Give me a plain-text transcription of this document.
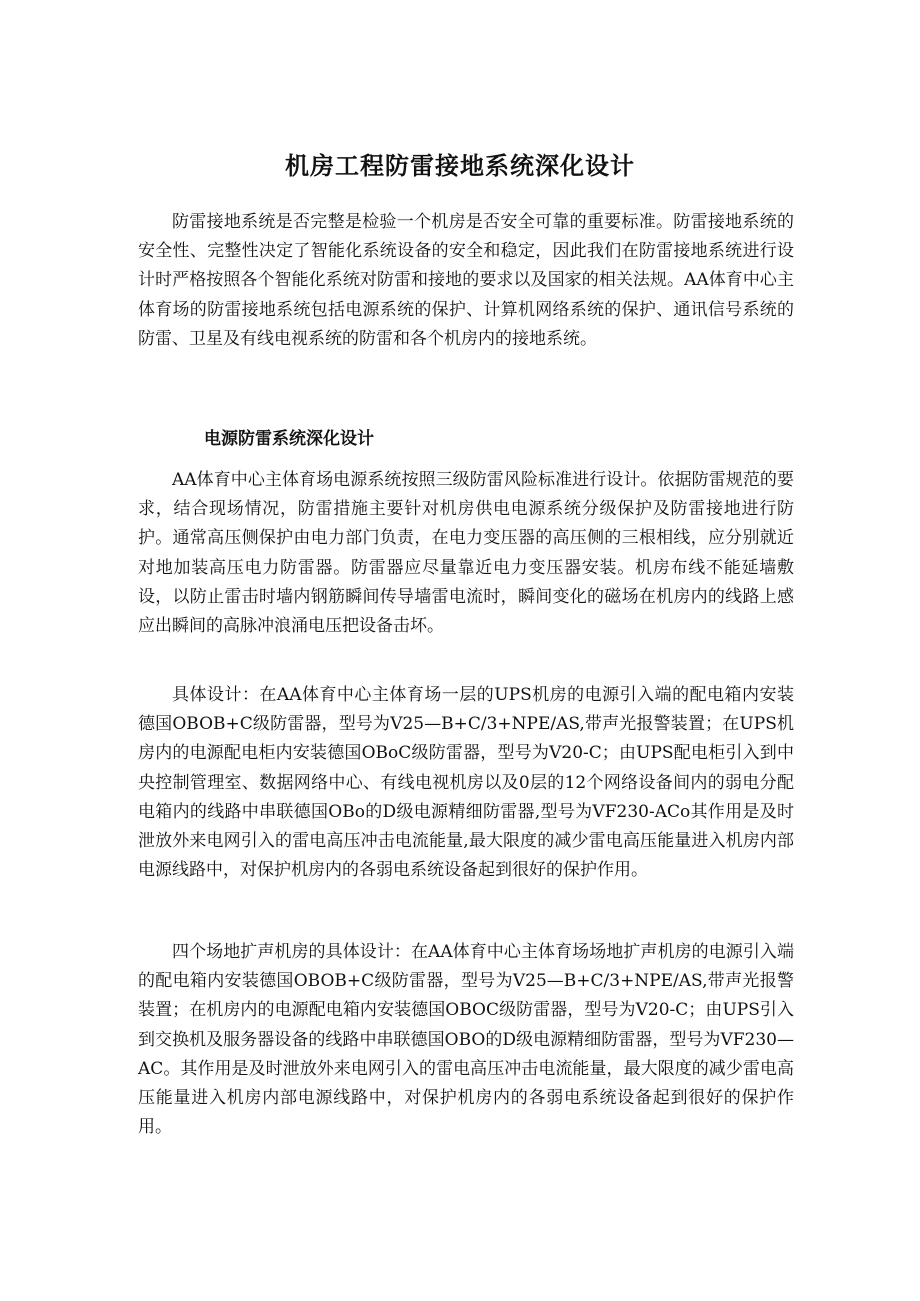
机房工程防雷接地系统深化设计

防雷接地系统是否完整是检验一个机房是否安全可靠的重要标准。防雷接地系统的安全性、完整性决定了智能化系统设备的安全和稳定，因此我们在防雷接地系统进行设计时严格按照各个智能化系统对防雷和接地的要求以及国家的相关法规。AA体育中心主体育场的防雷接地系统包括电源系统的保护、计算机网络系统的保护、通讯信号系统的防雷、卫星及有线电视系统的防雷和各个机房内的接地系统。

电源防雷系统深化设计

AA体育中心主体育场电源系统按照三级防雷风险标准进行设计。依据防雷规范的要求，结合现场情况，防雷措施主要针对机房供电电源系统分级保护及防雷接地进行防护。通常高压侧保护由电力部门负责，在电力变压器的高压侧的三根相线，应分别就近对地加装高压电力防雷器。防雷器应尽量靠近电力变压器安装。机房布线不能延墙敷设，以防止雷击时墙内钢筋瞬间传导墙雷电流时，瞬间变化的磁场在机房内的线路上感应出瞬间的高脉冲浪涌电压把设备击坏。

具体设计：在AA体育中心主体育场一层的UPS机房的电源引入端的配电箱内安装德国OBOB+C级防雷器，型号为V25—B+C/3+NPE/AS,带声光报警装置；在UPS机房内的电源配电柜内安装德国OBoC级防雷器，型号为V20-C；由UPS配电柜引入到中央控制管理室、数据网络中心、有线电视机房以及0层的12个网络设备间内的弱电分配电箱内的线路中串联德国OBo的D级电源精细防雷器,型号为VF230-ACo其作用是及时泄放外来电网引入的雷电高压冲击电流能量,最大限度的减少雷电高压能量进入机房内部电源线路中，对保护机房内的各弱电系统设备起到很好的保护作用。

四个场地扩声机房的具体设计：在AA体育中心主体育场场地扩声机房的电源引入端的配电箱内安装德国OBOB+C级防雷器，型号为V25—B+C/3+NPE/AS,带声光报警装置；在机房内的电源配电箱内安装德国OBOC级防雷器，型号为V20-C；由UPS引入到交换机及服务器设备的线路中串联德国OBO的D级电源精细防雷器，型号为VF230—AC。其作用是及时泄放外来电网引入的雷电高压冲击电流能量，最大限度的减少雷电高压能量进入机房内部电源线路中，对保护机房内的各弱电系统设备起到很好的保护作用。
